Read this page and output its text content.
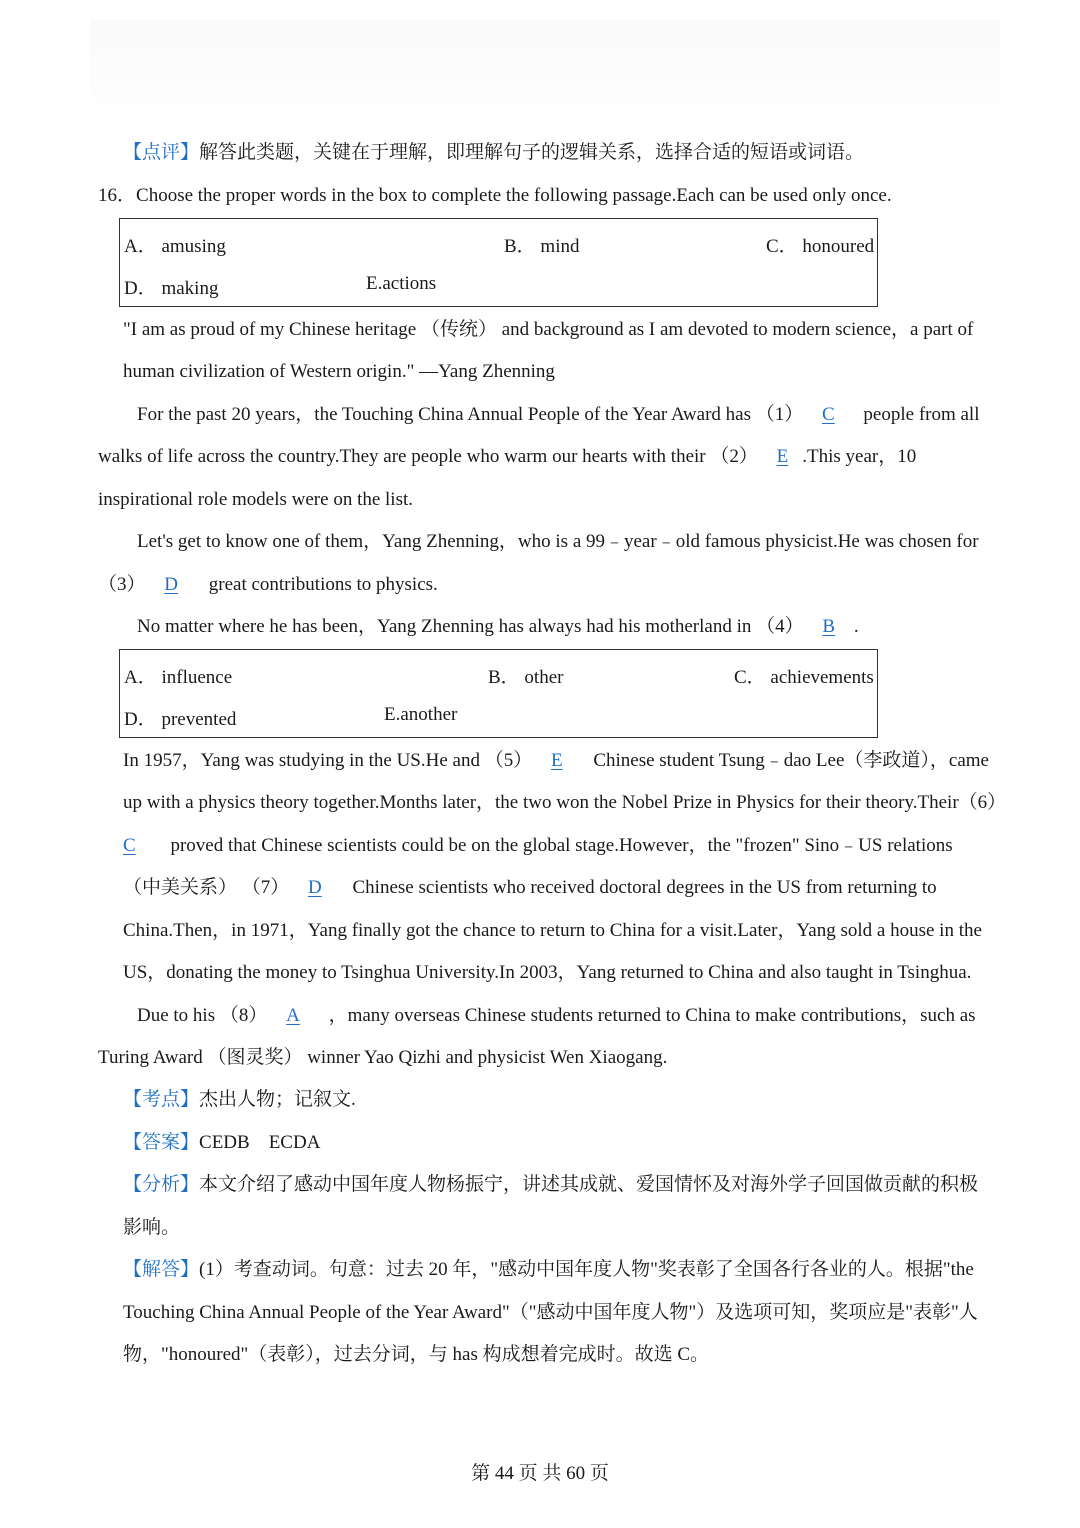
【点评】解答此类题，关键在于理解，即理解句子的逻辑关系，选择合适的短语或词语。
16．Choose the proper words in the box to complete the following passage.Each can be used only once.
A． amusing	B． mind	C． honoured
D． making	E.actions
"I am as proud of my Chinese heritage （传统） and background as I am devoted to modern science，a part of
human civilization of Western origin." —Yang Zhenning
For the past 20 years，the Touching China Annual People of the Year Award has （1） C people from all
walks of life across the country.They are people who warm our hearts with their （2） E .This year，10
inspirational role models were on the list.
Let's get to know one of them，Yang Zhenning，who is a 99﹣year﹣old famous physicist.He was chosen for
（3） D great contributions to physics.
No matter where he has been，Yang Zhenning has always had his motherland in （4） B .
A． influence	B． other	C． achievements
D． prevented	E.another
In 1957，Yang was studying in the US.He and （5） E Chinese student Tsung﹣dao Lee（李政道），came
up with a physics theory together.Months later，the two won the Nobel Prize in Physics for their theory.Their（6）
C proved that Chinese scientists could be on the global stage.However，the "frozen" Sino﹣US relations
（中美关系） （7） D Chinese scientists who received doctoral degrees in the US from returning to
China.Then，in 1971，Yang finally got the chance to return to China for a visit.Later，Yang sold a house in the
US，donating the money to Tsinghua University.In 2003，Yang returned to China and also taught in Tsinghua.
Due to his （8） A ，many overseas Chinese students returned to China to make contributions，such as
Turing Award （图灵奖） winner Yao Qizhi and physicist Wen Xiaogang.
【考点】杰出人物；记叙文.
【答案】CEDB　ECDA
【分析】本文介绍了感动中国年度人物杨振宁，讲述其成就、爱国情怀及对海外学子回国做贡献的积极
影响。
【解答】(1）考查动词。句意：过去 20 年，"感动中国年度人物"奖表彰了全国各行各业的人。根据"the
Touching China Annual People of the Year Award"（"感动中国年度人物"）及选项可知，奖项应是"表彰"人
物，"honoured"（表彰），过去分词，与 has 构成想着完成时。故选 C。
第 44 页 共 60 页
